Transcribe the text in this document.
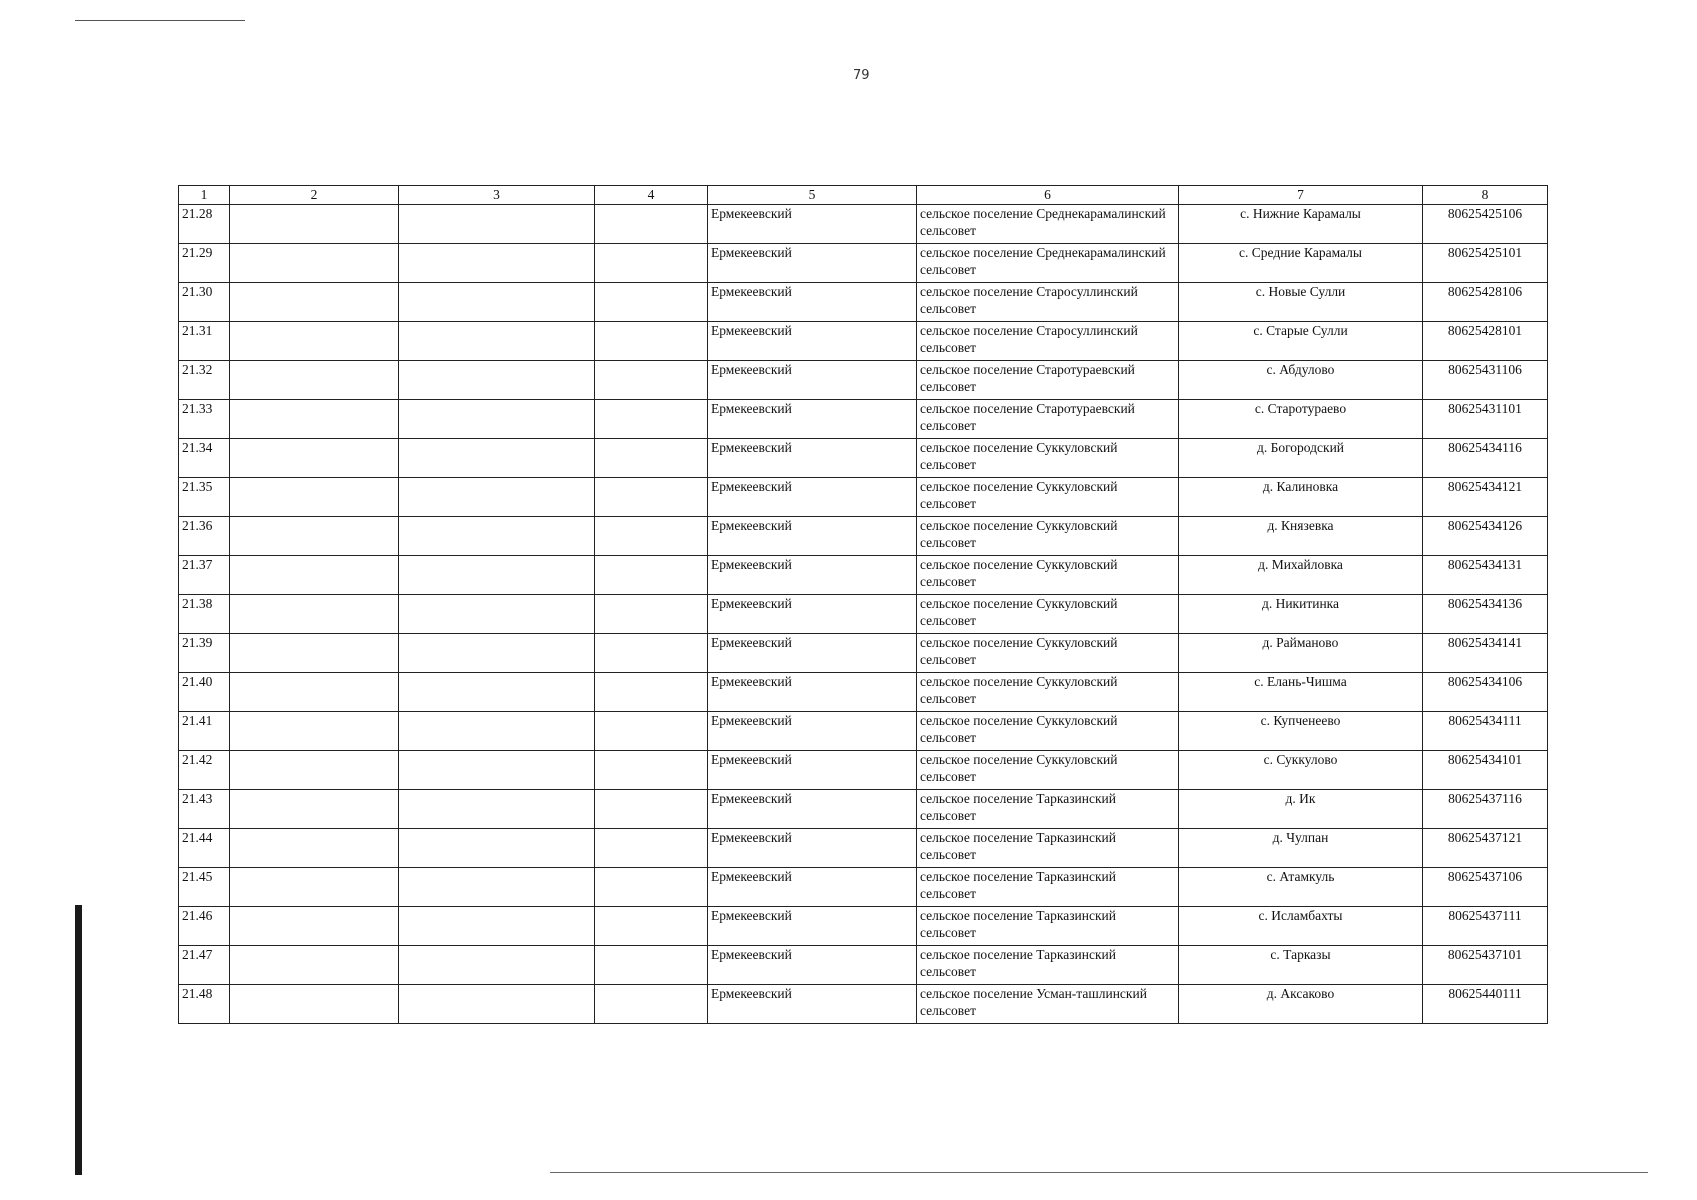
79
1	2	3	4	5	6	7	8
21.28				Ермекеевский	сельское поселение Среднекарамалинский сельсовет	с. Нижние Карамалы	80625425106
21.29				Ермекеевский	сельское поселение Среднекарамалинский сельсовет	с. Средние Карамалы	80625425101
21.30				Ермекеевский	сельское поселение Старосуллинский сельсовет	с. Новые Сулли	80625428106
21.31				Ермекеевский	сельское поселение Старосуллинский сельсовет	с. Старые Сулли	80625428101
21.32				Ермекеевский	сельское поселение Старотураевский сельсовет	с. Абдулово	80625431106
21.33				Ермекеевский	сельское поселение Старотураевский сельсовет	с. Старотураево	80625431101
21.34				Ермекеевский	сельское поселение Суккуловский сельсовет	д. Богородский	80625434116
21.35				Ермекеевский	сельское поселение Суккуловский сельсовет	д. Калиновка	80625434121
21.36				Ермекеевский	сельское поселение Суккуловский сельсовет	д. Князевка	80625434126
21.37				Ермекеевский	сельское поселение Суккуловский сельсовет	д. Михайловка	80625434131
21.38				Ермекеевский	сельское поселение Суккуловский сельсовет	д. Никитинка	80625434136
21.39				Ермекеевский	сельское поселение Суккуловский сельсовет	д. Раймановo	80625434141
21.40				Ермекеевский	сельское поселение Суккуловский сельсовет	с. Елань-Чишма	80625434106
21.41				Ермекеевский	сельское поселение Суккуловский сельсовет	с. Купченеево	80625434111
21.42				Ермекеевский	сельское поселение Суккуловский сельсовет	с. Суккулово	80625434101
21.43				Ермекеевский	сельское поселение Тарказинский сельсовет	д. Ик	80625437116
21.44				Ермекеевский	сельское поселение Тарказинский сельсовет	д. Чулпан	80625437121
21.45				Ермекеевский	сельское поселение Тарказинский сельсовет	с. Атамкуль	80625437106
21.46				Ермекеевский	сельское поселение Тарказинский сельсовет	с. Исламбахты	80625437111
21.47				Ермекеевский	сельское поселение Тарказинский сельсовет	с. Тарказы	80625437101
21.48				Ермекеевский	сельское поселение Усман-ташлинский сельсовет	д. Аксаково	80625440111
